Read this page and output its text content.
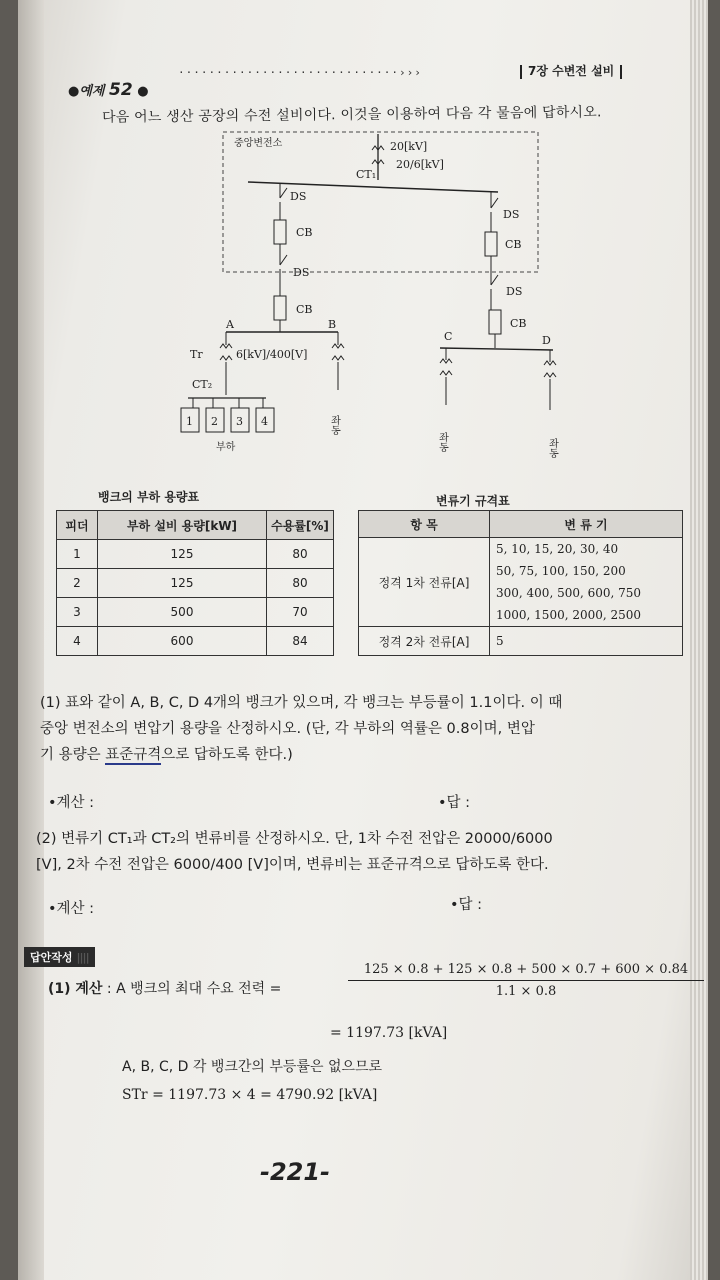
·····························›››	7장 수변전 설비
●예제 52 ●
다음 어느 생산 공장의 수전 설비이다. 이것을 이용하여 다음 각 물음에 답하시오.
중앙변전소	20[kV]
20/6[kV]
CT₁
DS
CB
DS
CB
A	B
Tr	6[kV]/400[V]
CT₂
1 2 3 4
부하
좌동
DS
CB
DS
CB
C	D
좌동	좌동
뱅크의 부하 용량표
피더	부하 설비 용량[kW]	수용률[%]
1	125	80
2	125	80
3	500	70
4	600	84
변류기 규격표
항 목	변 류 기
정격 1차 전류[A]	5, 10, 15, 20, 30, 40
50, 75, 100, 150, 200
300, 400, 500, 600, 750
1000, 1500, 2000, 2500

정격 2차 전류[A]	5
(1) 표와 같이 A, B, C, D 4개의 뱅크가 있으며, 각 뱅크는 부등률이 1.1이다. 이 때
중앙 변전소의 변압기 용량을 산정하시오. (단, 각 부하의 역률은 0.8이며, 변압
기 용량은 표준규격으로 답하도록 한다.)
•계산 :	•답 :
(2) 변류기 CT₁과 CT₂의 변류비를 산정하시오. 단, 1차 수전 전압은 20000/6000
[V], 2차 수전 전압은 6000/400 [V]이며, 변류비는 표준규격으로 답하도록 한다.
•계산 :	•답 :
답안작성 ||||
(1) 계산 : A 뱅크의 최대 수요 전력 =	$\frac{125 \times 0.8 + 125 \times 0.8 + 500 \times 0.7 + 600 \times 0.84}{1.1 \times 0.8}$
= 1197.73 [kVA]
A, B, C, D 각 뱅크간의 부등률은 없으므로
STr = 1197.73 × 4 = 4790.92 [kVA]
-221-
